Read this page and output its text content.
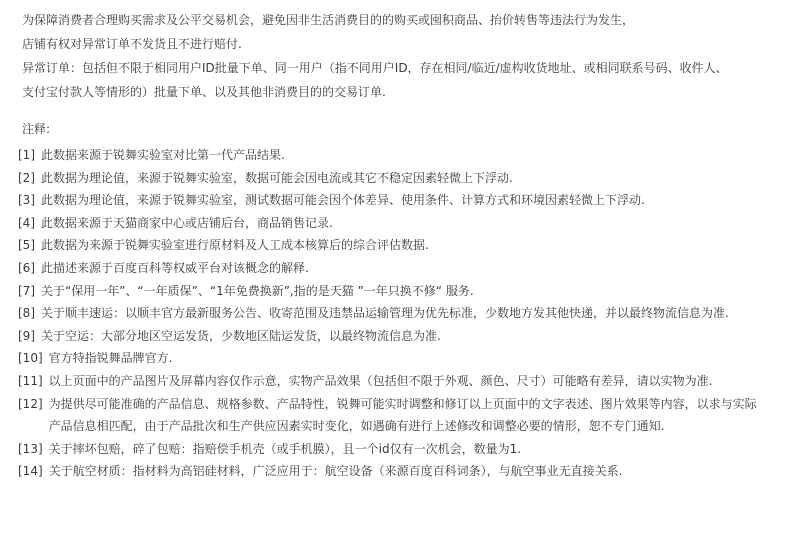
为保障消费者合理购买需求及公平交易机会，避免因非生活消费目的的购买或囤积商品、抬价转售等违法行为发生，
店铺有权对异常订单不发货且不进行赔付.
异常订单：包括但不限于相同用户ID批量下单、同一用户（指不同用户ID，存在相同/临近/虚构收货地址、或相同联系号码、收件人、
支付宝付款人等情形的）批量下单、以及其他非消费目的的交易订单.
注释:
[1] 此数据来源于锐舞实验室对比第一代产品结果.
[2] 此数据为理论值，来源于锐舞实验室，数据可能会因电流或其它不稳定因素轻微上下浮动.
[3] 此数据为理论值，来源于锐舞实验室，测试数据可能会因个体差异、使用条件、计算方式和环境因素轻微上下浮动.
[4] 此数据来源于天猫商家中心或店铺后台，商品销售记录.
[5] 此数据为来源于锐舞实验室进行原材料及人工成本核算后的综合评估数据.
[6] 此描述来源于百度百科等权威平台对该概念的解释.
[7] 关于“保用一年”、“一年质保”、“1年免费换新”,指的是天猫 ”一年只换不修“ 服务.
[8] 关于顺丰速运：以顺丰官方最新服务公告、收寄范围及违禁品运输管理为优先标准，少数地方发其他快递，并以最终物流信息为准.
[9] 关于空运：大部分地区空运发货，少数地区陆运发货，以最终物流信息为准.
[10] 官方特指锐舞品牌官方.
[11] 以上页面中的产品图片及屏幕内容仅作示意，实物产品效果（包括但不限于外观、颜色、尺寸）可能略有差异，请以实物为准.
[12] 为提供尽可能准确的产品信息、规格参数、产品特性，锐舞可能实时调整和修订以上页面中的文字表述、图片效果等内容，以求与实际
产品信息相匹配，由于产品批次和生产供应因素实时变化，如遇确有进行上述修改和调整必要的情形，恕不专门通知.
[13] 关于摔坏包赔，碎了包赔：指赔偿手机壳（或手机膜），且一个id仅有一次机会，数量为1.
[14] 关于航空材质：指材料为高铝硅材料，广泛应用于：航空设备（来源百度百科词条），与航空事业无直接关系.
